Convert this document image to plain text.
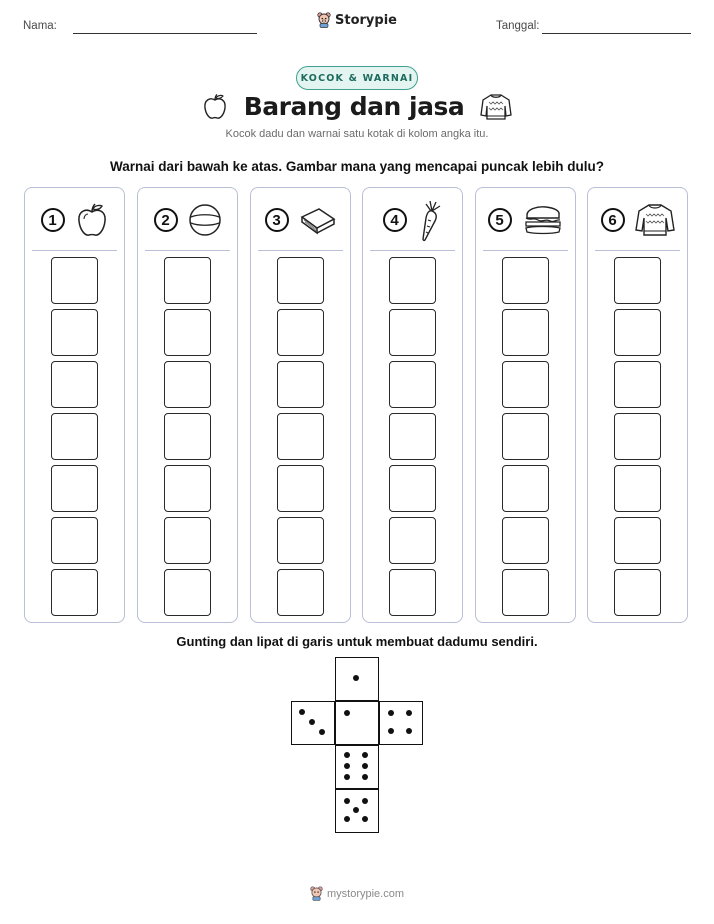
Nama:	Storypie	Tanggal:
KOCOK & WARNAI
Barang dan jasa
Kocok dadu dan warnai satu kotak di kolom angka itu.
Warnai dari bawah ke atas. Gambar mana yang mencapai puncak lebih dulu?
1	2	3	4	5	6
Gunting dan lipat di garis untuk membuat dadumu sendiri.
mystorypie.com
